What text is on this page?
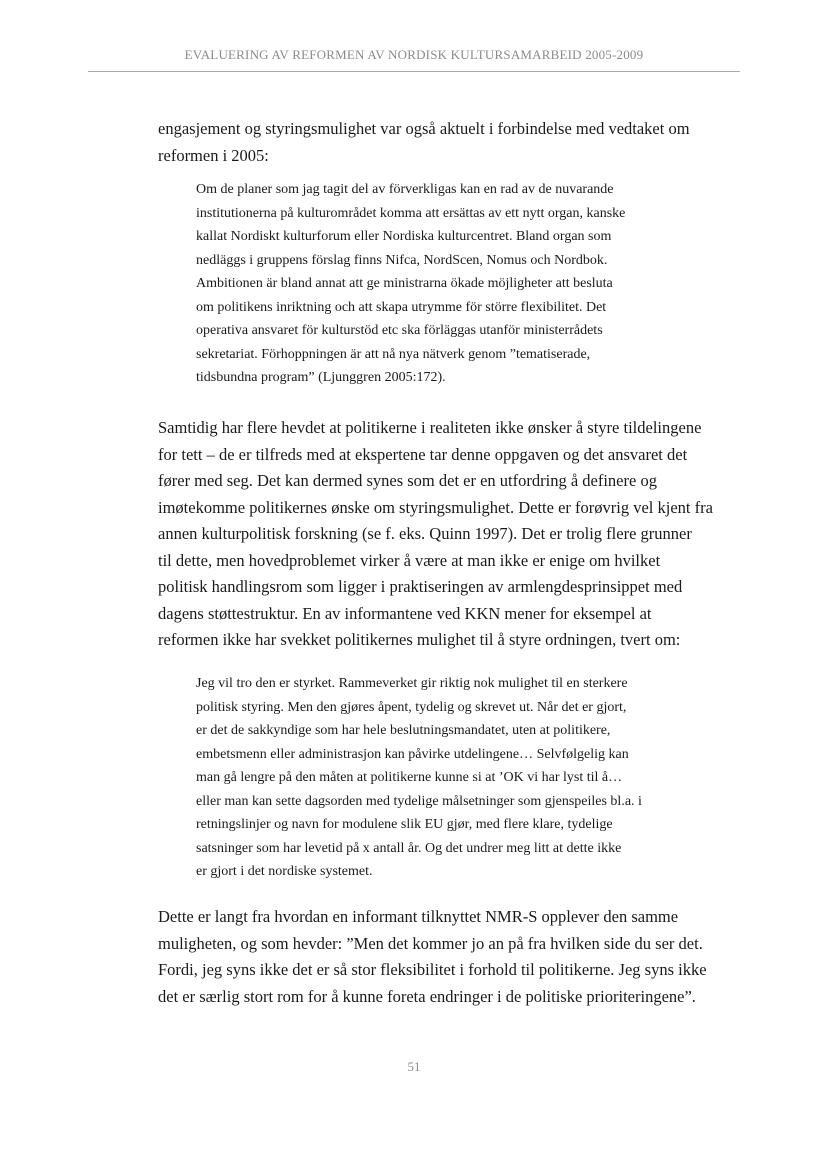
EVALUERING AV REFORMEN AV NORDISK KULTURSAMARBEID 2005-2009
engasjement og styringsmulighet var også aktuelt i forbindelse med vedtaket om
reformen i 2005:
Om de planer som jag tagit del av förverkligas kan en rad av de nuvarande
institutionerna på kulturområdet komma att ersättas av ett nytt organ, kanske
kallat Nordiskt kulturforum eller Nordiska kulturcentret. Bland organ som
nedläggs i gruppens förslag finns Nifca, NordScen, Nomus och Nordbok.
Ambitionen är bland annat att ge ministrarna ökade möjligheter att besluta
om politikens inriktning och att skapa utrymme för större flexibilitet. Det
operativa ansvaret för kulturstöd etc ska förläggas utanför ministerrådets
sekretariat. Förhoppningen är att nå nya nätverk genom ”tematiserade,
tidsbundna program” (Ljunggren 2005:172).
Samtidig har flere hevdet at politikerne i realiteten ikke ønsker å styre tildelingene
for tett – de er tilfreds med at ekspertene tar denne oppgaven og det ansvaret det
fører med seg. Det kan dermed synes som det er en utfordring å definere og
imøtekomme politikernes ønske om styringsmulighet. Dette er forøvrig vel kjent fra
annen kulturpolitisk forskning (se f. eks. Quinn 1997). Det er trolig flere grunner
til dette, men hovedproblemet virker å være at man ikke er enige om hvilket
politisk handlingsrom som ligger i praktiseringen av armlengdesprinsippet med
dagens støttestruktur. En av informantene ved KKN mener for eksempel at
reformen ikke har svekket politikernes mulighet til å styre ordningen, tvert om:
Jeg vil tro den er styrket. Rammeverket gir riktig nok mulighet til en sterkere
politisk styring. Men den gjøres åpent, tydelig og skrevet ut. Når det er gjort,
er det de sakkyndige som har hele beslutningsmandatet, uten at politikere,
embetsmenn eller administrasjon kan påvirke utdelingene… Selvfølgelig kan
man gå lengre på den måten at politikerne kunne si at ’OK vi har lyst til å…
eller man kan sette dagsorden med tydelige målsetninger som gjenspeiles bl.a. i
retningslinjer og navn for modulene slik EU gjør, med flere klare, tydelige
satsninger som har levetid på x antall år. Og det undrer meg litt at dette ikke
er gjort i det nordiske systemet.
Dette er langt fra hvordan en informant tilknyttet NMR-S opplever den samme
muligheten, og som hevder: ”Men det kommer jo an på fra hvilken side du ser det.
Fordi, jeg syns ikke det er så stor fleksibilitet i forhold til politikerne. Jeg syns ikke
det er særlig stort rom for å kunne foreta endringer i de politiske prioriteringene”.
51
